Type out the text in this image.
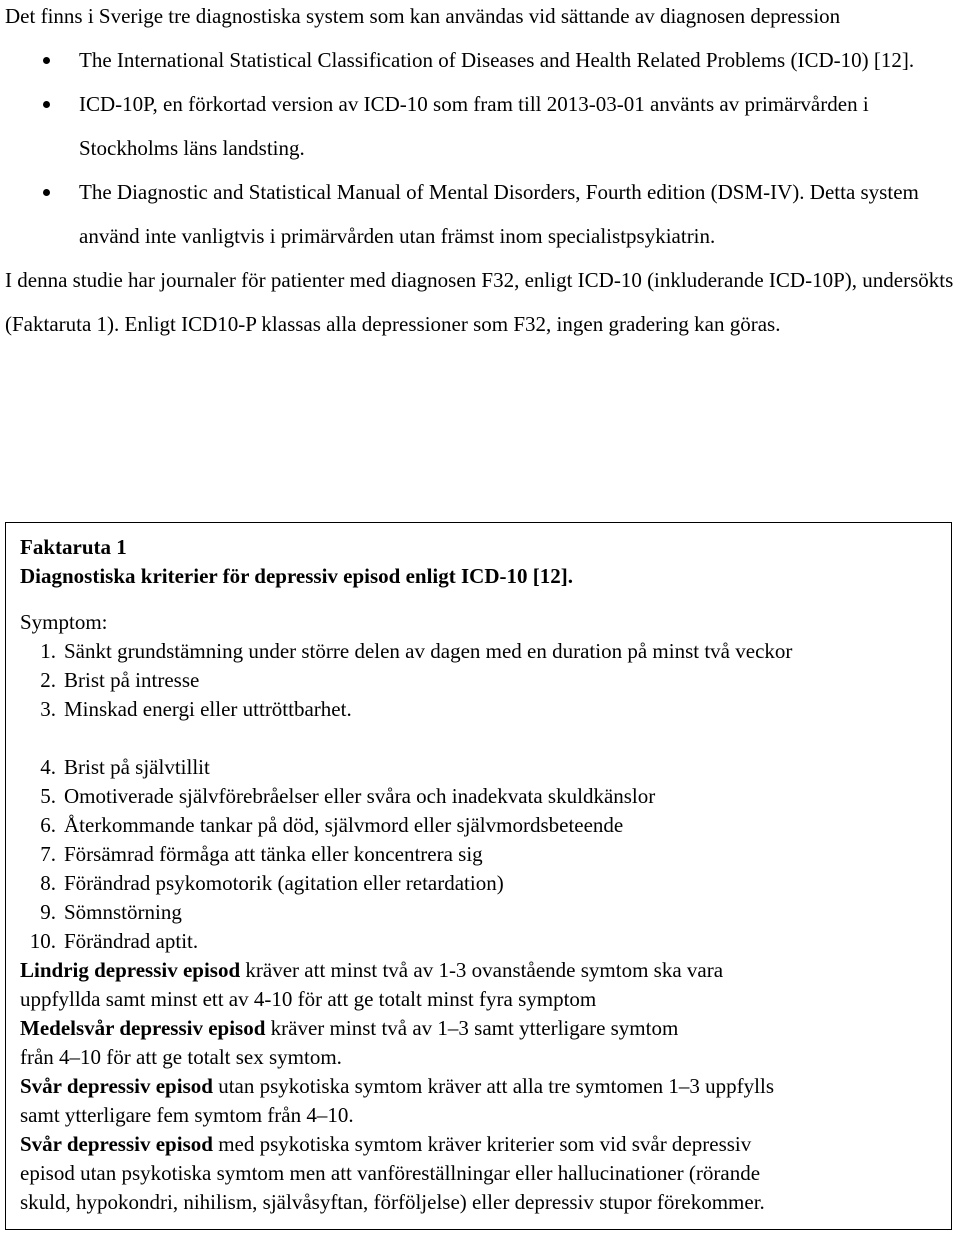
Det finns i Sverige tre diagnostiska system som kan användas vid sättande av diagnosen depression

The International Statistical Classification of Diseases and Health Related Problems (ICD-10) [12].
ICD-10P, en förkortad version av ICD-10 som fram till 2013-03-01 använts av primärvården i Stockholms läns landsting.
The Diagnostic and Statistical Manual of Mental Disorders, Fourth edition (DSM-IV). Detta system använd inte vanligtvis i primärvården utan främst inom specialistpsykiatrin.

I denna studie har journaler för patienter med diagnosen F32, enligt ICD-10 (inkluderande ICD-10P), undersökts (Faktaruta 1). Enligt ICD10-P klassas alla depressioner som F32, ingen gradering kan göras.

Faktaruta 1

Diagnostiska kriterier för depressiv episod enligt ICD-10 [12].

Symptom:

1. Sänkt grundstämning under större delen av dagen med en duration på minst två veckor
2. Brist på intresse
3. Minskad energi eller uttröttbarhet.
4. Brist på självtillit
5. Omotiverade självförebråelser eller svåra och inadekvata skuldkänslor
6. Återkommande tankar på död, självmord eller självmordsbeteende
7. Försämrad förmåga att tänka eller koncentrera sig
8. Förändrad psykomotorik (agitation eller retardation)
9. Sömnstörning
10. Förändrad aptit.

Lindrig depressiv episod kräver att minst två av 1-3 ovanstående symtom ska vara

uppfyllda samt minst ett av 4-10 för att ge totalt minst fyra symptom

Medelsvår depressiv episod kräver minst två av 1–3 samt ytterligare symtom

från 4–10 för att ge totalt sex symtom.

Svår depressiv episod utan psykotiska symtom kräver att alla tre symtomen 1–3 uppfylls

samt ytterligare fem symtom från 4–10.

Svår depressiv episod med psykotiska symtom kräver kriterier som vid svår depressiv

episod utan psykotiska symtom men att vanföreställningar eller hallucinationer (rörande

skuld, hypokondri, nihilism, självåsyftan, förföljelse) eller depressiv stupor förekommer.
